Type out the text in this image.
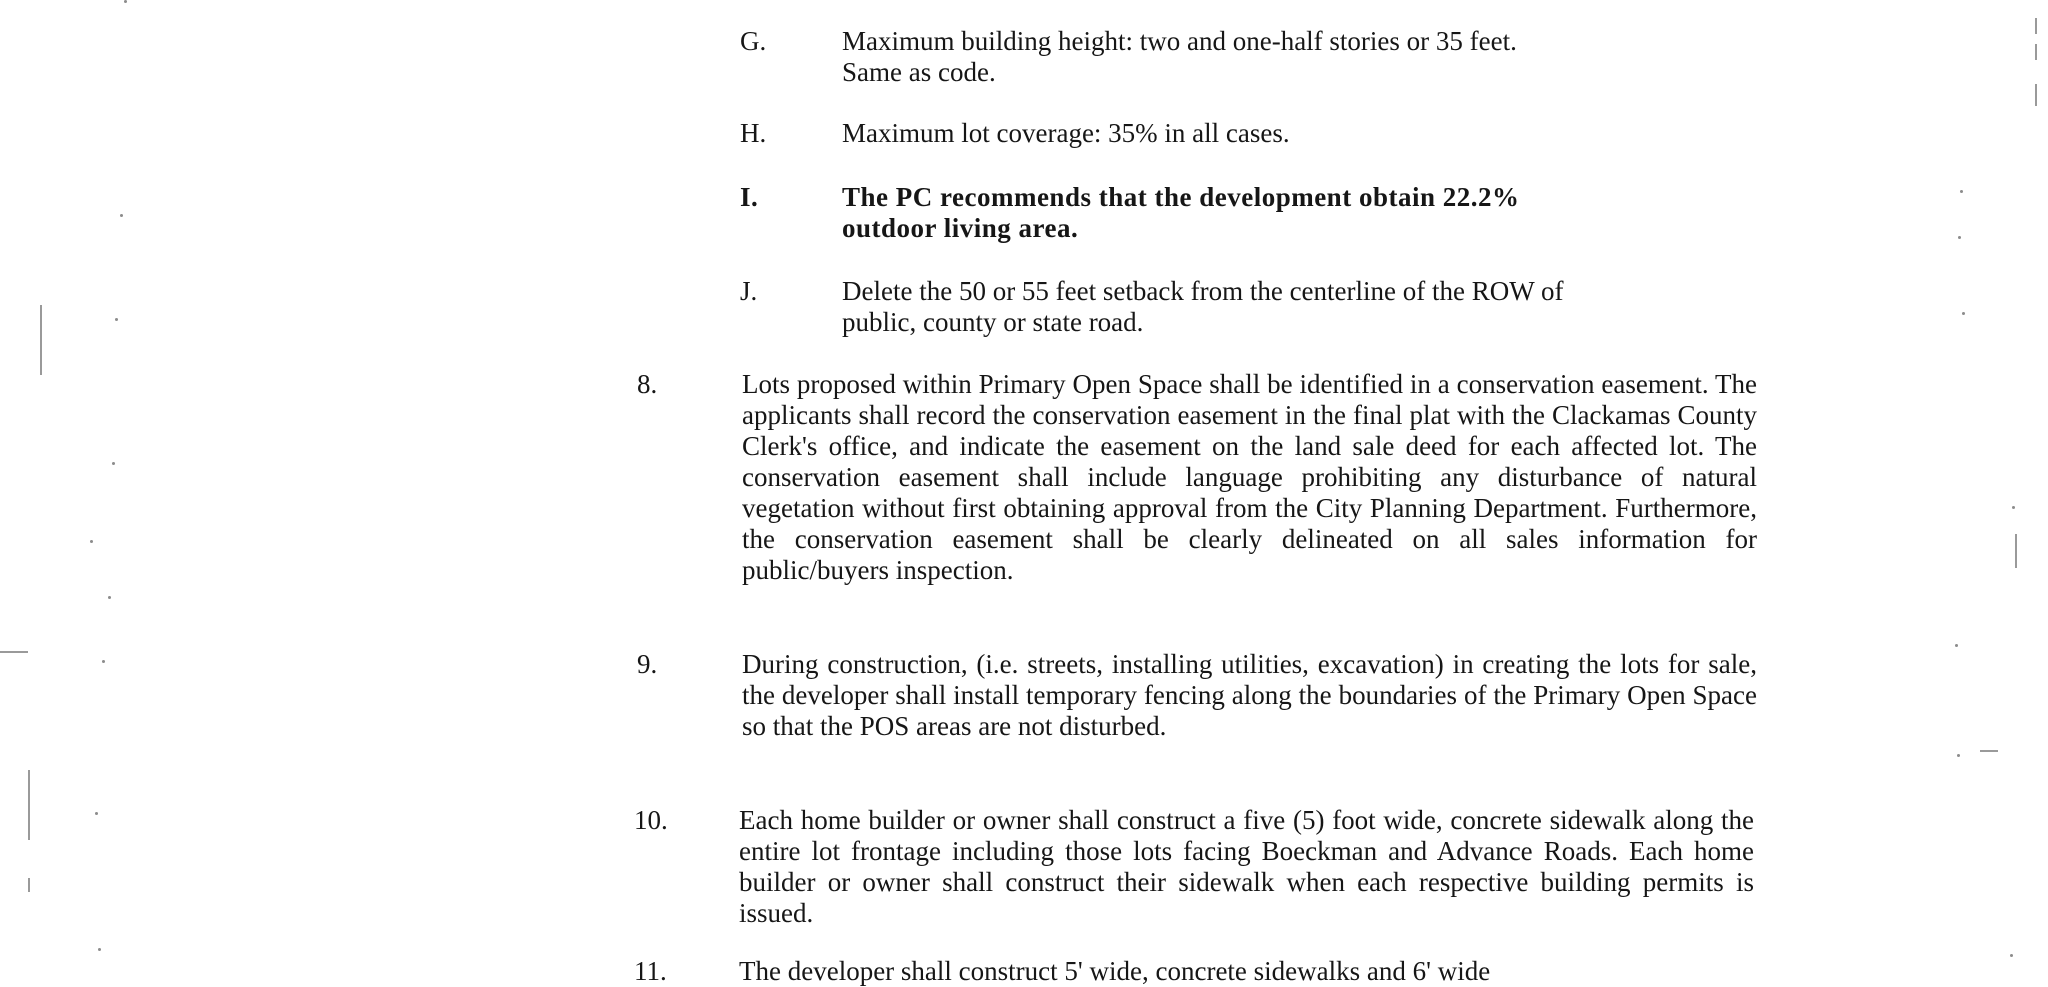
G.	Maximum building height: two and one-half stories or 35 feet.
Same as code.
H.	Maximum lot coverage: 35% in all cases.
I.	The PC recommends that the development obtain 22.2%
outdoor living area.
J.	Delete the 50 or 55 feet setback from the centerline of the ROW of
public, county or state road.
8.	Lots proposed within Primary Open Space shall be identified in a conservation easement. The applicants shall record the conservation easement in the final plat with the Clackamas County Clerk's office, and indicate the easement on the land sale deed for each affected lot. The conservation easement shall include language prohibiting any disturbance of natural vegetation without first obtaining approval from the City Planning Department. Furthermore, the conservation easement shall be clearly delineated on all sales information for public/buyers inspection.

9.	During construction, (i.e. streets, installing utilities, excavation) in creating the lots for sale, the developer shall install temporary fencing along the boundaries of the Primary Open Space so that the POS areas are not disturbed.

10.	Each home builder or owner shall construct a five (5) foot wide, concrete sidewalk along the entire lot frontage including those lots facing Boeckman and Advance Roads. Each home builder or owner shall construct their sidewalk when each respective building permits is issued.

11.	The developer shall construct 5' wide, concrete sidewalks and 6' wide
